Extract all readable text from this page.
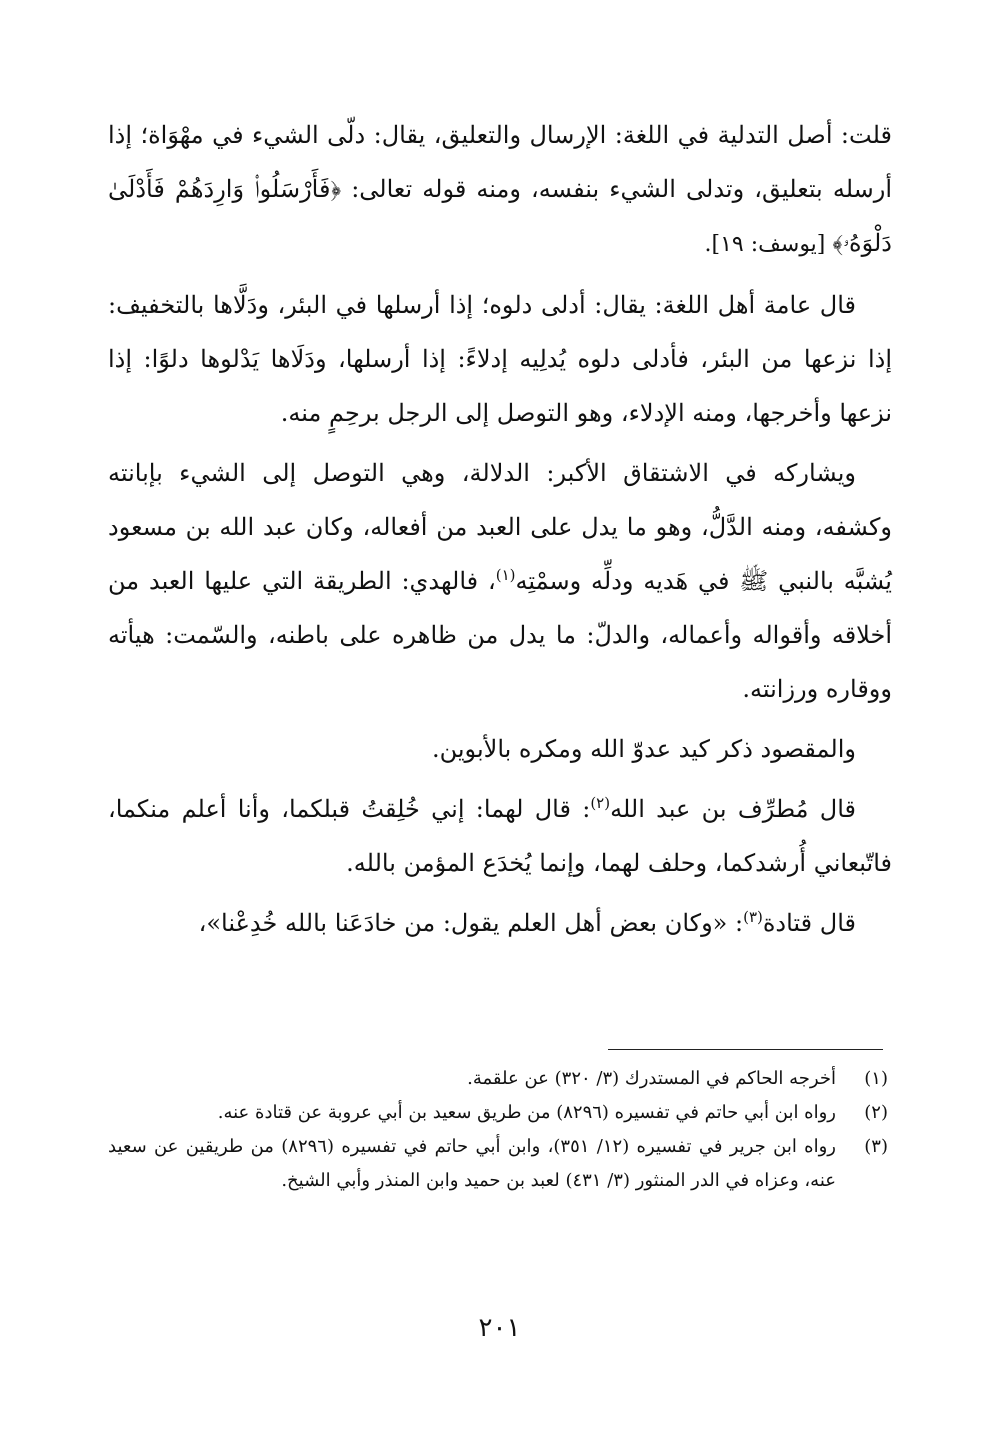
قلت: أصل التدلية في اللغة: الإرسال والتعليق، يقال: دلّى الشيء في مهْوَاة؛ إذا أرسله بتعليق، وتدلى الشيء بنفسه، ومنه قوله تعالى: ﴿فَأَرْسَلُوا۟ وَارِدَهُمْ فَأَدْلَىٰ دَلْوَهُۥ﴾ [يوسف: ١٩].

قال عامة أهل اللغة: يقال: أدلى دلوه؛ إذا أرسلها في البئر، ودَلَّاها بالتخفيف: إذا نزعها من البئر، فأدلى دلوه يُدلِيه إدلاءً: إذا أرسلها، ودَلَاها يَدْلوها دلوًا: إذا نزعها وأخرجها، ومنه الإدلاء، وهو التوصل إلى الرجل برحِمٍ منه.

ويشاركه في الاشتقاق الأكبر: الدلالة، وهي التوصل إلى الشيء بإبانته وكشفه، ومنه الدَّلُّ، وهو ما يدل على العبد من أفعاله، وكان عبد الله بن مسعود يُشبَّه بالنبي ﷺ في هَديه ودلِّه وسمْتِه$^{(١)}$، فالهدي: الطريقة التي عليها العبد من أخلاقه وأقواله وأعماله، والدلّ: ما يدل من ظاهره على باطنه، والسّمت: هيأته ووقاره ورزانته.

والمقصود ذكر كيد عدوّ الله ومكره بالأبوين.

قال مُطرِّف بن عبد الله$^{(٢)}$: قال لهما: إني خُلِقتُ قبلكما، وأنا أعلم منكما، فاتّبعاني أُرشدكما، وحلف لهما، وإنما يُخدَع المؤمن بالله.

قال قتادة$^{(٣)}$: «وكان بعض أهل العلم يقول: من خادَعَنا بالله خُدِعْنا»،

(١)
أخرجه الحاكم في المستدرك (٣/ ٣٢٠) عن علقمة.
(٢)
رواه ابن أبي حاتم في تفسيره (٨٢٩٦) من طريق سعيد بن أبي عروبة عن قتادة عنه.
(٣)
رواه ابن جرير في تفسيره (١٢/ ٣٥١)، وابن أبي حاتم في تفسيره (٨٢٩٦) من طريقين عن سعيد عنه، وعزاه في الدر المنثور (٣/ ٤٣١) لعبد بن حميد وابن المنذر وأبي الشيخ.
٢٠١
